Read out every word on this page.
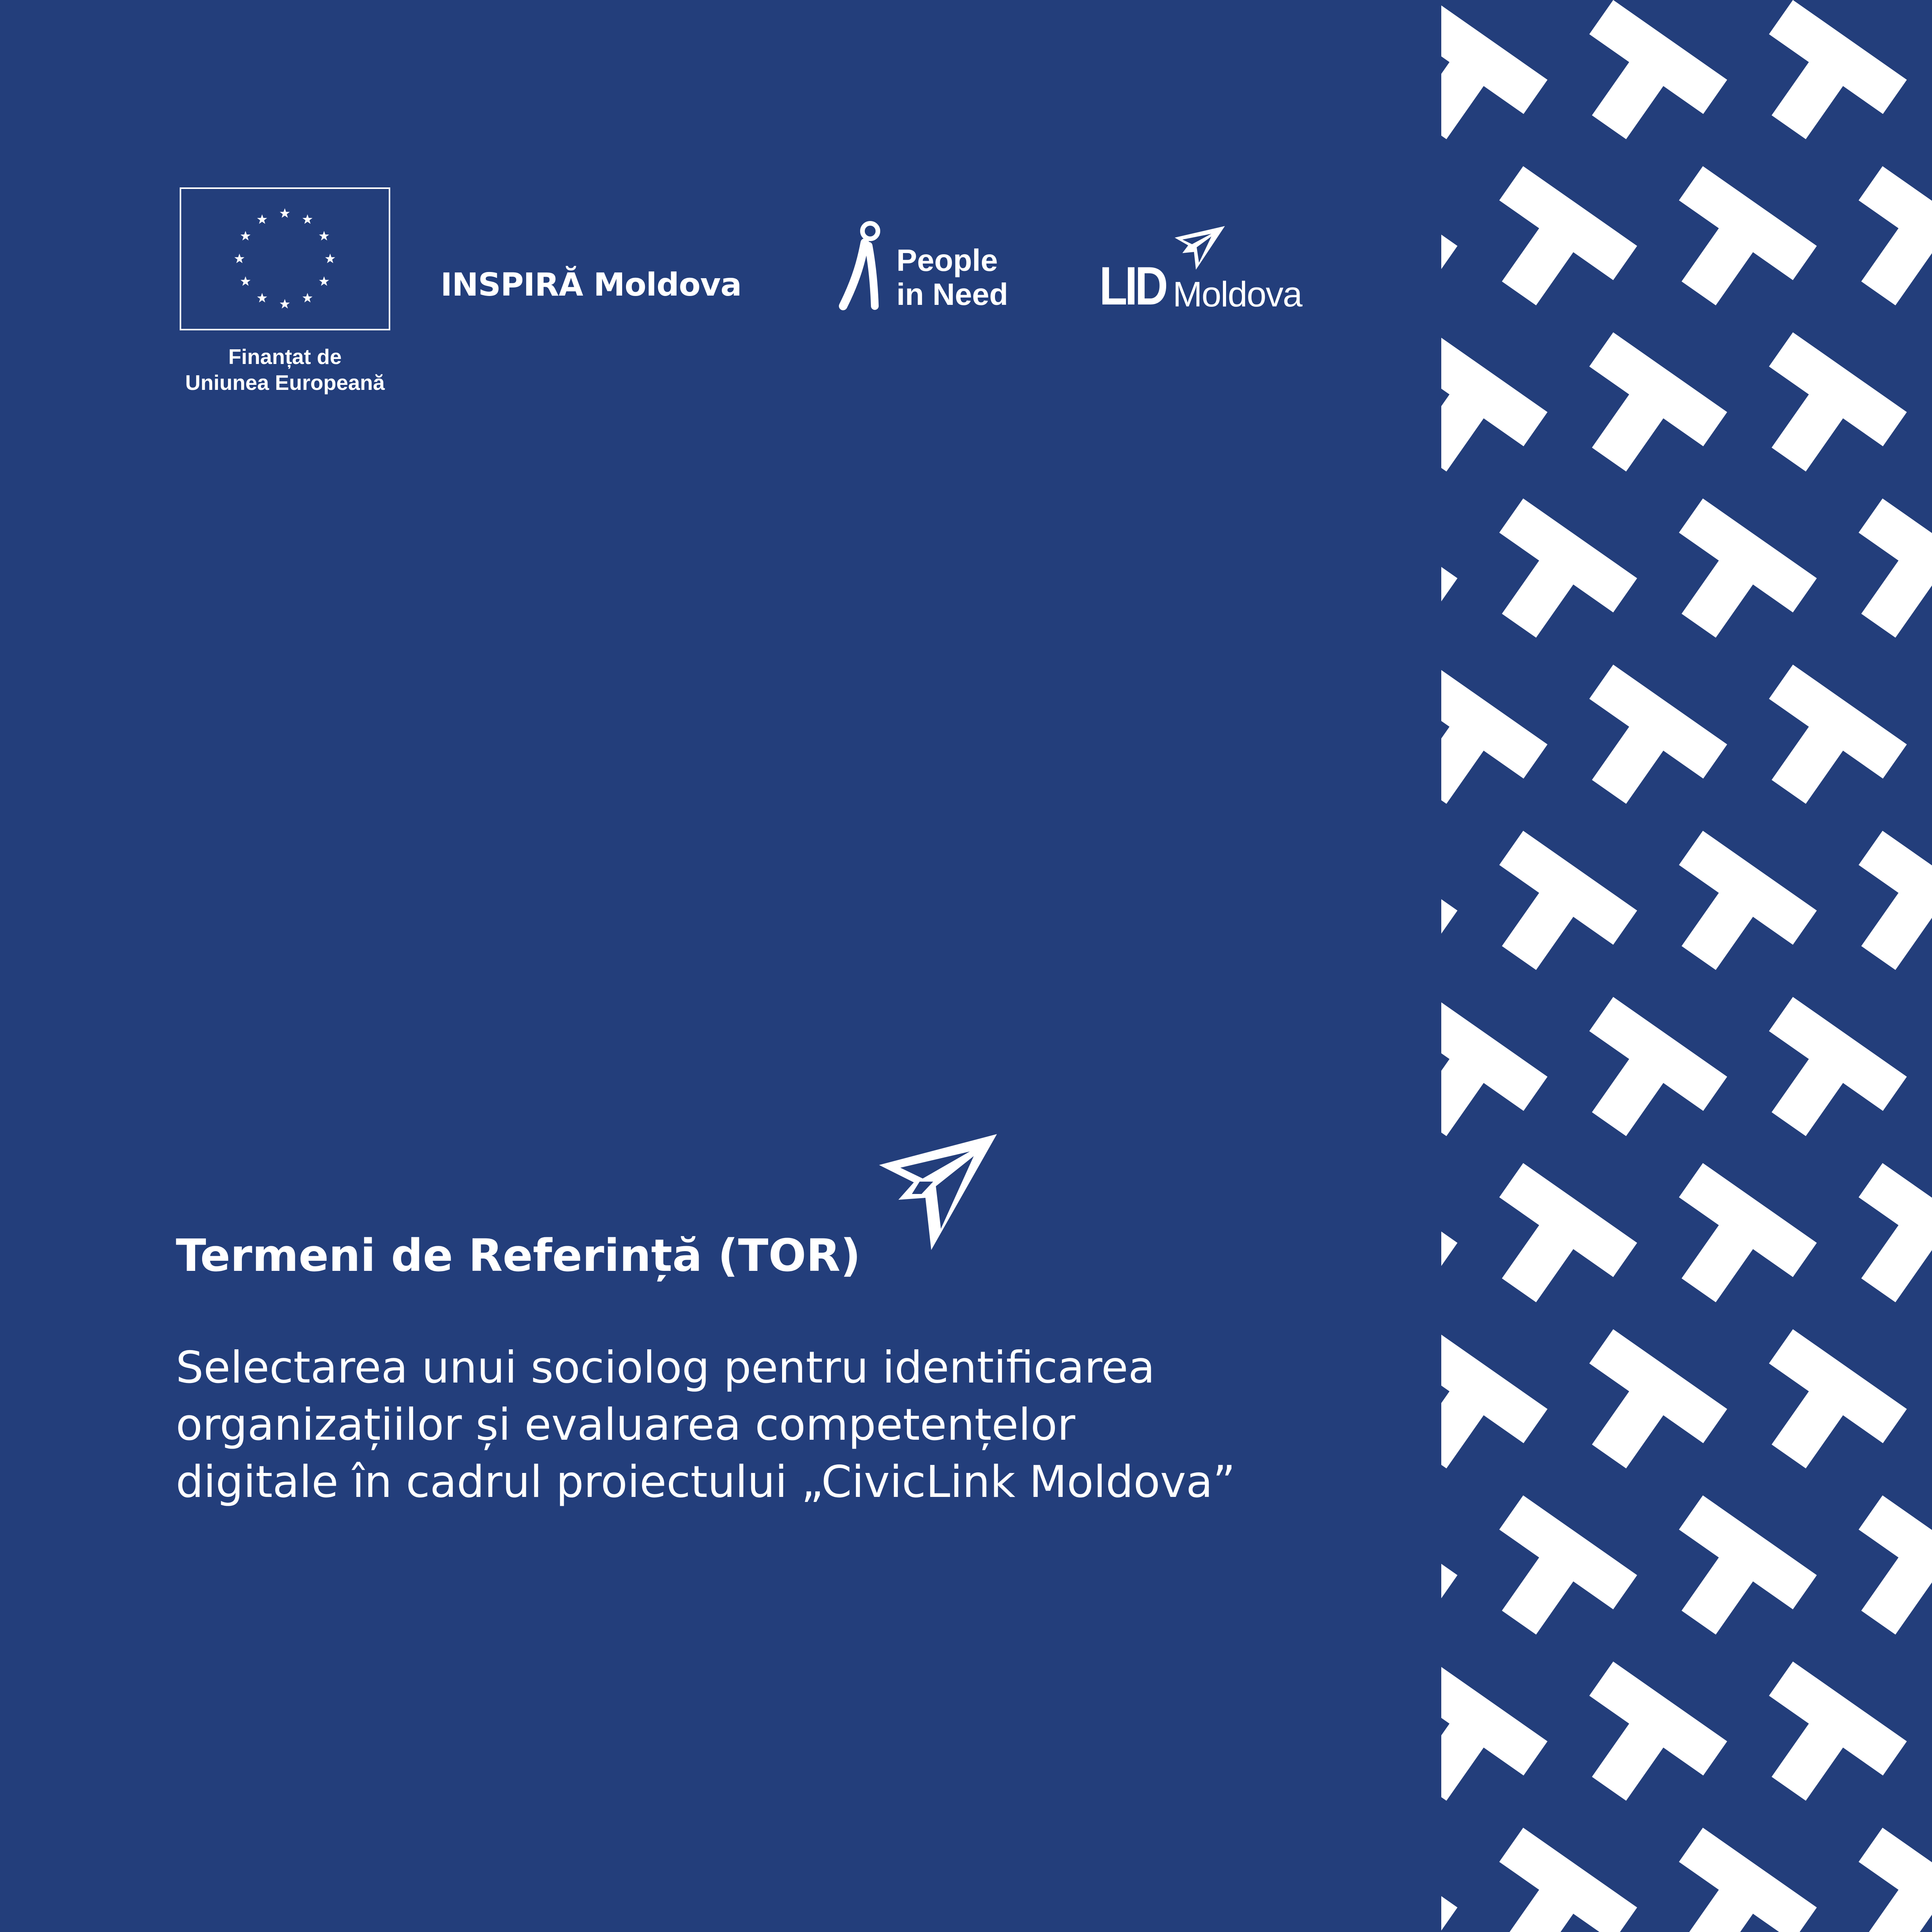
Finanțat de
Uniunea Europeană
INSPIRĂ Moldova
People
in Need LID Moldova
Termeni de Referință (TOR)
Selectarea unui sociolog pentru identificarea
organizațiilor și evaluarea competențelor
digitale în cadrul proiectului „CivicLink Moldova”
